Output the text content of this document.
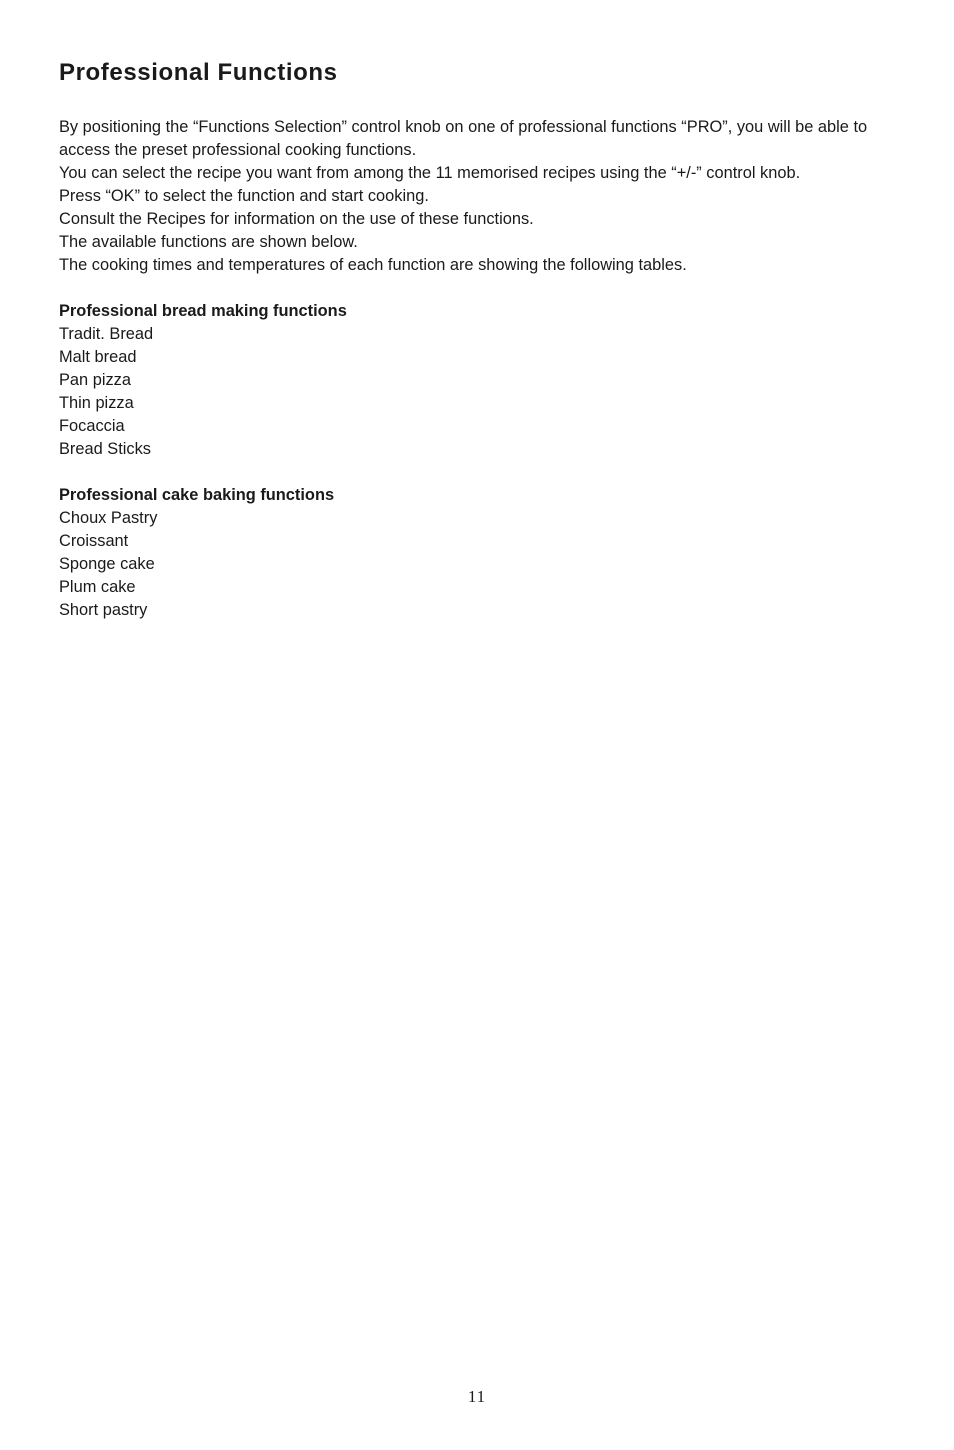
Professional Functions

By positioning the “Functions Selection” control knob on one of professional functions “PRO”, you will be able to access the preset professional cooking functions.

You can select the recipe you want from among the 11 memorised recipes using the “+/-” control knob.

Press “OK” to select the function and start cooking.

Consult the Recipes for information on the use of these functions.

The available functions are shown below.

The cooking times and temperatures of each function are showing the following tables.

Professional bread making functions
Tradit. Bread
Malt bread
Pan pizza
Thin pizza
Focaccia
Bread Sticks
Professional cake baking functions
Choux Pastry
Croissant
Sponge cake
Plum cake
Short pastry
11
